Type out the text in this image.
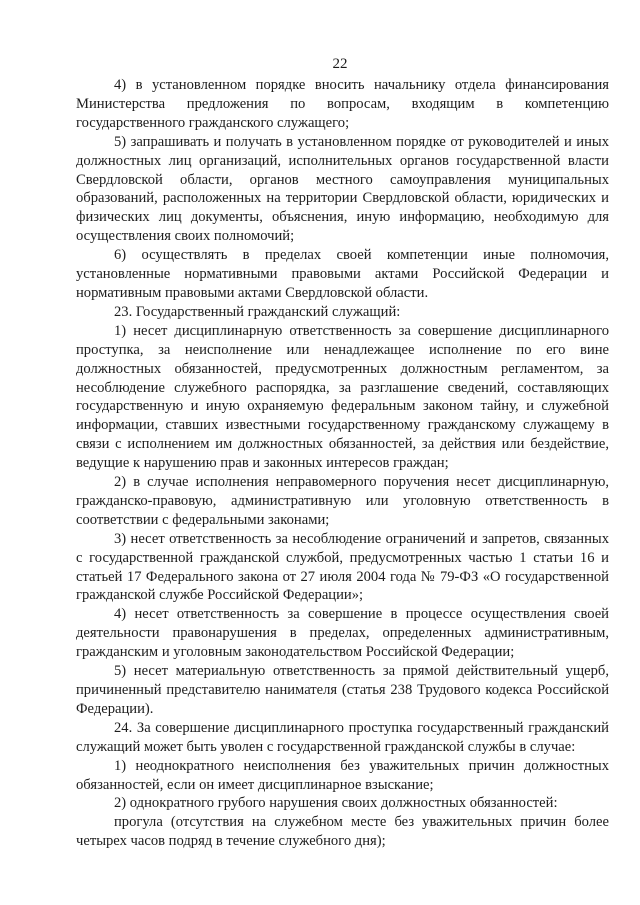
22

4) в установленном порядке вносить начальнику отдела финансирования Министерства предложения по вопросам, входящим в компетенцию государственного гражданского служащего;

5) запрашивать и получать в установленном порядке от руководителей и иных должностных лиц организаций, исполнительных органов государственной власти Свердловской области, органов местного самоуправления муниципальных образований, расположенных на территории Свердловской области, юридических и физических лиц документы, объяснения, иную информацию, необходимую для осуществления своих полномочий;

6) осуществлять в пределах своей компетенции иные полномочия, установленные нормативными правовыми актами Российской Федерации и нормативным правовыми актами Свердловской области.

23. Государственный гражданский служащий:

1) несет дисциплинарную ответственность за совершение дисциплинарного проступка, за неисполнение или ненадлежащее исполнение по его вине должностных обязанностей, предусмотренных должностным регламентом, за несоблюдение служебного распорядка, за разглашение сведений, составляющих государственную и иную охраняемую федеральным законом тайну, и служебной информации, ставших известными государственному гражданскому служащему в связи с исполнением им должностных обязанностей, за действия или бездействие, ведущие к нарушению прав и законных интересов граждан;

2) в случае исполнения неправомерного поручения несет дисциплинарную, гражданско-правовую, административную или уголовную ответственность в соответствии с федеральными законами;

3) несет ответственность за несоблюдение ограничений и запретов, связанных с государственной гражданской службой, предусмотренных частью 1 статьи 16 и статьей 17 Федерального закона от 27 июля 2004 года № 79-ФЗ «О государственной гражданской службе Российской Федерации»;

4) несет ответственность за совершение в процессе осуществления своей деятельности правонарушения в пределах, определенных административным, гражданским и уголовным законодательством Российской Федерации;

5) несет материальную ответственность за прямой действительный ущерб, причиненный представителю нанимателя (статья 238 Трудового кодекса Российской Федерации).

24. За совершение дисциплинарного проступка государственный гражданский служащий может быть уволен с государственной гражданской службы в случае:

1) неоднократного неисполнения без уважительных причин должностных обязанностей, если он имеет дисциплинарное взыскание;

2) однократного грубого нарушения своих должностных обязанностей:

прогула (отсутствия на служебном месте без уважительных причин более четырех часов подряд в течение служебного дня);
